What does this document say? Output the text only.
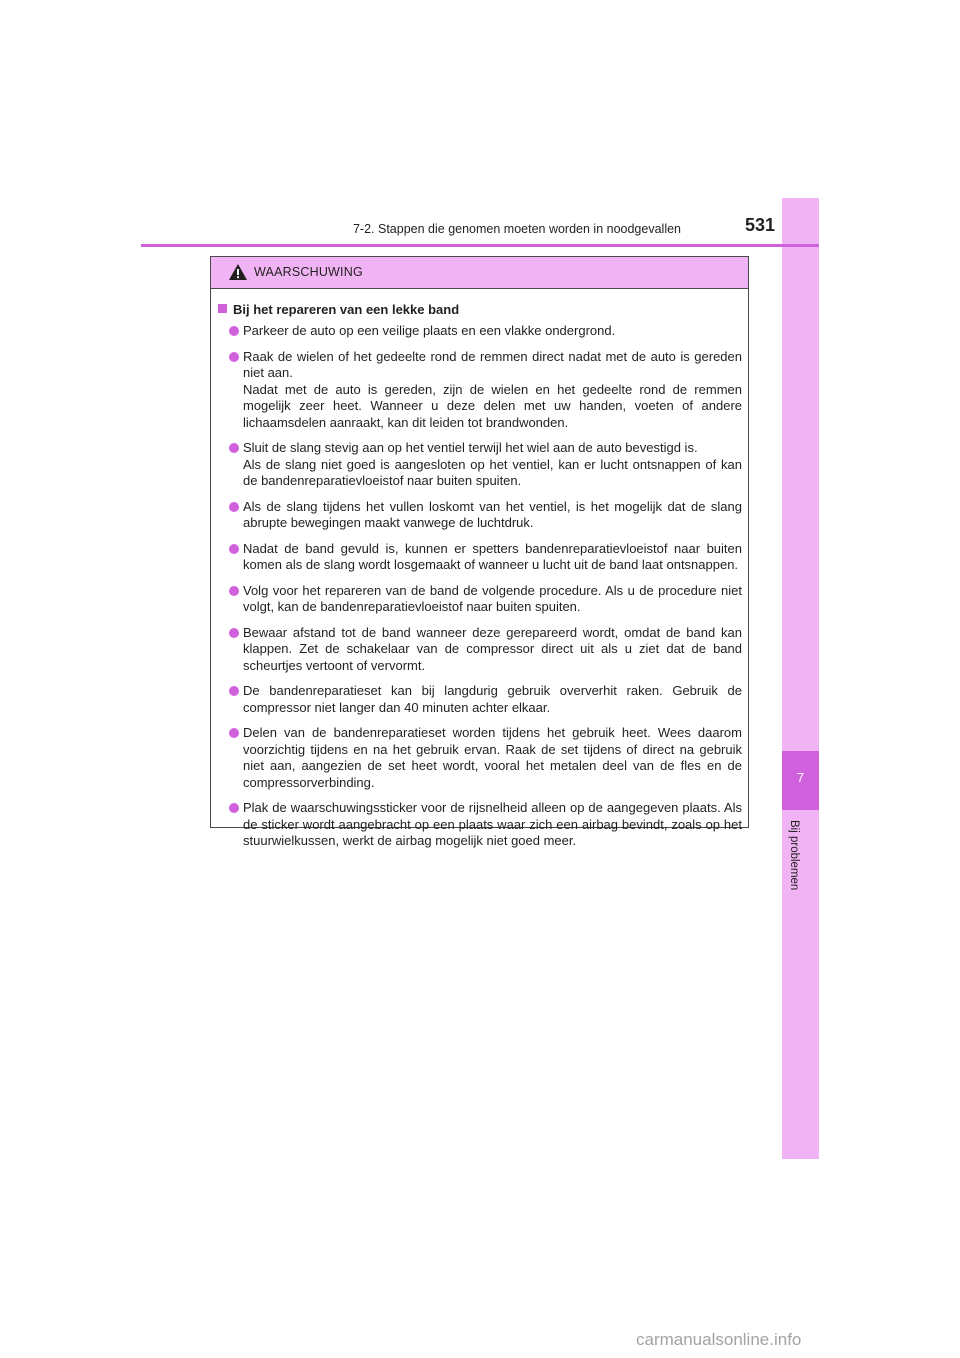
7
Bij problemen
7-2. Stappen die genomen moeten worden in noodgevallen	531
WAARSCHUWING
Bij het repareren van een lekke band
Parkeer de auto op een veilige plaats en een vlakke ondergrond.
Raak de wielen of het gedeelte rond de remmen direct nadat met de auto is gereden niet aan.
Nadat met de auto is gereden, zijn de wielen en het gedeelte rond de remmen mogelijk zeer heet. Wanneer u deze delen met uw handen, voeten of andere lichaamsdelen aanraakt, kan dit leiden tot brandwonden.
Sluit de slang stevig aan op het ventiel terwijl het wiel aan de auto bevestigd is.
Als de slang niet goed is aangesloten op het ventiel, kan er lucht ontsnappen of kan de bandenreparatievloeistof naar buiten spuiten.
Als de slang tijdens het vullen loskomt van het ventiel, is het mogelijk dat de slang abrupte bewegingen maakt vanwege de luchtdruk.
Nadat de band gevuld is, kunnen er spetters bandenreparatievloeistof naar buiten komen als de slang wordt losgemaakt of wanneer u lucht uit de band laat ontsnappen.
Volg voor het repareren van de band de volgende procedure. Als u de procedure niet volgt, kan de bandenreparatievloeistof naar buiten spuiten.
Bewaar afstand tot de band wanneer deze gerepareerd wordt, omdat de band kan klappen. Zet de schakelaar van de compressor direct uit als u ziet dat de band scheurtjes vertoont of vervormt.
De bandenreparatieset kan bij langdurig gebruik oververhit raken. Gebruik de compressor niet langer dan 40 minuten achter elkaar.
Delen van de bandenreparatieset worden tijdens het gebruik heet. Wees daarom voorzichtig tijdens en na het gebruik ervan. Raak de set tijdens of direct na gebruik niet aan, aangezien de set heet wordt, vooral het metalen deel van de fles en de compressorverbinding.
Plak de waarschuwingssticker voor de rijsnelheid alleen op de aangegeven plaats. Als de sticker wordt aangebracht op een plaats waar zich een airbag bevindt, zoals op het stuurwielkussen, werkt de airbag mogelijk niet goed meer.
carmanualsonline.info
